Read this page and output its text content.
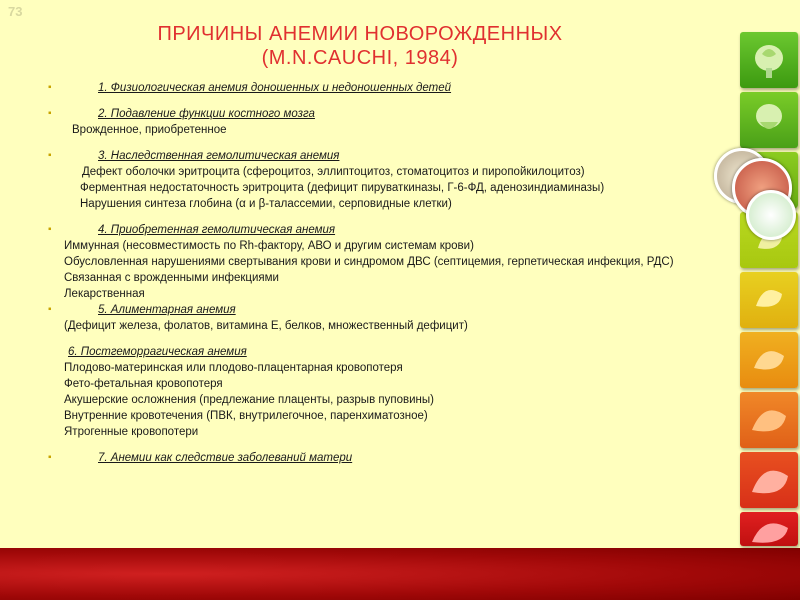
73
ПРИЧИНЫ АНЕМИИ НОВОРОЖДЕННЫХ
(M.N.CAUCHI, 1984)
▪	1. Физиологическая анемия доношенных и недоношенных детей
▪	2. Подавление функции костного мозга
Врожденное, приобретенное
▪	3. Наследственная гемолитическая анемия
Дефект оболочки эритроцита (сфероцитоз, эллиптоцитоз, стоматоцитоз и пиропойкилоцитоз)
Ферментная недостаточность эритроцита (дефицит пируваткиназы, Г-6-ФД, аденозиндиаминазы)
Нарушения синтеза глобина (α и β-талассемии, серповидные клетки)
▪	4. Приобретенная гемолитическая анемия
Иммунная (несовместимость по Rh-фактору, АВО и другим системам крови)
Обусловленная нарушениями свертывания крови и синдромом ДВС (септицемия, герпетическая инфекция, РДС)
Связанная с врожденными инфекциями
Лекарственная
▪	5. Алиментарная анемия
(Дефицит железа, фолатов, витамина Е, белков, множественный дефицит)
6. Постгеморрагическая анемия
Плодово-материнская или плодово-плацентарная кровопотеря
Фето-фетальная кровопотеря
Акушерские осложнения (предлежание плаценты, разрыв пуповины)
Внутренние кровотечения (ПВК, внутрилегочное, паренхиматозное)
Ятрогенные кровопотери
▪	7. Анемии как следствие заболеваний матери
